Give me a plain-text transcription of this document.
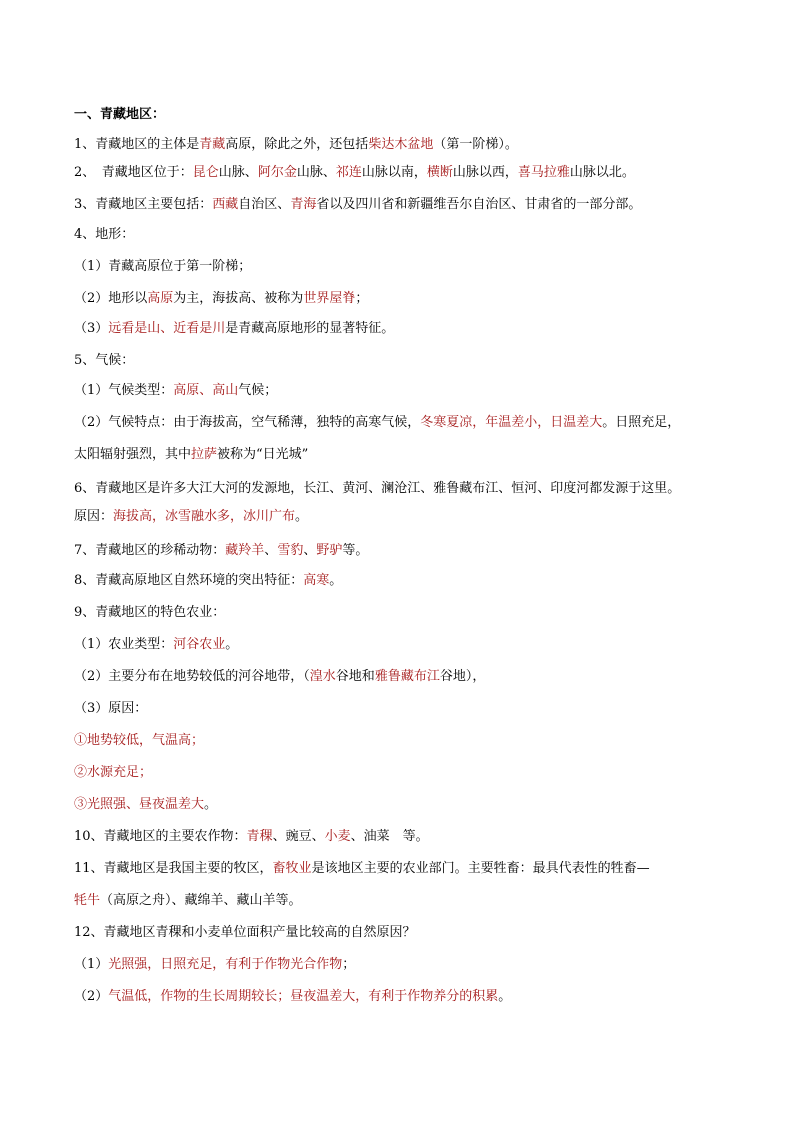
一、青藏地区：
1、青藏地区的主体是青藏高原，除此之外，还包括柴达木盆地（第一阶梯）。
2、　青藏地区位于：昆仑山脉、阿尔金山脉、祁连山脉以南，横断山脉以西，喜马拉雅山脉以北。
3、青藏地区主要包括：西藏自治区、青海省以及四川省和新疆维吾尔自治区、甘肃省的一部分部。
4、地形：
（1）青藏高原位于第一阶梯；
（2）地形以高原为主，海拔高、被称为世界屋脊；
（3）远看是山、近看是川是青藏高原地形的显著特征。
5、气候：
（1）气候类型：高原、高山气候；
（2）气候特点：由于海拔高，空气稀薄，独特的高寒气候，冬寒夏凉，年温差小，日温差大。日照充足，
太阳辐射强烈，其中拉萨被称为“日光城”
6、青藏地区是许多大江大河的发源地，长江、黄河、澜沧江、雅鲁藏布江、恒河、印度河都发源于这里。
原因：海拔高，冰雪融水多，冰川广布。
7、青藏地区的珍稀动物：藏羚羊、雪豹、野驴等。
8、青藏高原地区自然环境的突出特征：高寒。
9、青藏地区的特色农业：
（1）农业类型：河谷农业。
（2）主要分布在地势较低的河谷地带，（湟水谷地和雅鲁藏布江谷地），
（3）原因：
①地势较低，气温高；
②水源充足；
③光照强、昼夜温差大。
10、青藏地区的主要农作物：青稞、豌豆、小麦、油菜　等。
11、青藏地区是我国主要的牧区，畜牧业是该地区主要的农业部门。主要牲畜：最具代表性的牲畜—
牦牛（高原之舟）、藏绵羊、藏山羊等。
12、青藏地区青稞和小麦单位面积产量比较高的自然原因？
（1）光照强，日照充足，有利于作物光合作物；
（2）气温低，作物的生长周期较长；昼夜温差大，有利于作物养分的积累。
